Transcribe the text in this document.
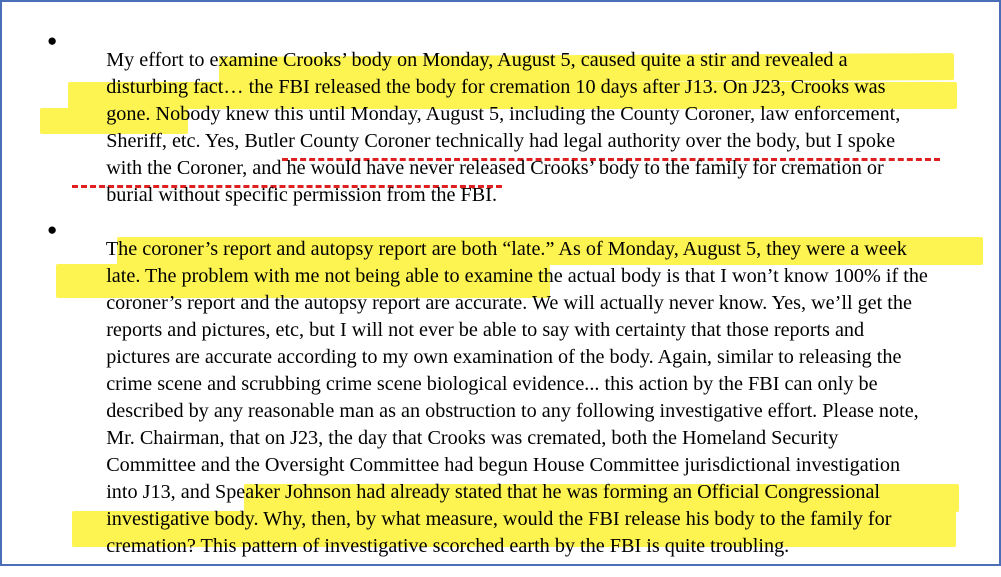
●

My effort to examine Crooks’ body on Monday, August 5, caused quite a stir and revealed a

disturbing fact… the FBI released the body for cremation 10 days after J13. On J23, Crooks was

gone. Nobody knew this until Monday, August 5, including the County Coroner, law enforcement,

Sheriff, etc. Yes, Butler County Coroner technically had legal authority over the body, but I spoke

with the Coroner, and he would have never released Crooks’ body to the family for cremation or

burial without specific permission from the FBI.

●

The coroner’s report and autopsy report are both “late.” As of Monday, August 5, they were a week

late. The problem with me not being able to examine the actual body is that I won’t know 100% if the

coroner’s report and the autopsy report are accurate. We will actually never know. Yes, we’ll get the

reports and pictures, etc, but I will not ever be able to say with certainty that those reports and

pictures are accurate according to my own examination of the body. Again, similar to releasing the

crime scene and scrubbing crime scene biological evidence... this action by the FBI can only be

described by any reasonable man as an obstruction to any following investigative effort. Please note,

Mr. Chairman, that on J23, the day that Crooks was cremated, both the Homeland Security

Committee and the Oversight Committee had begun House Committee jurisdictional investigation

into J13, and Speaker Johnson had already stated that he was forming an Official Congressional

investigative body. Why, then, by what measure, would the FBI release his body to the family for

cremation? This pattern of investigative scorched earth by the FBI is quite troubling.
